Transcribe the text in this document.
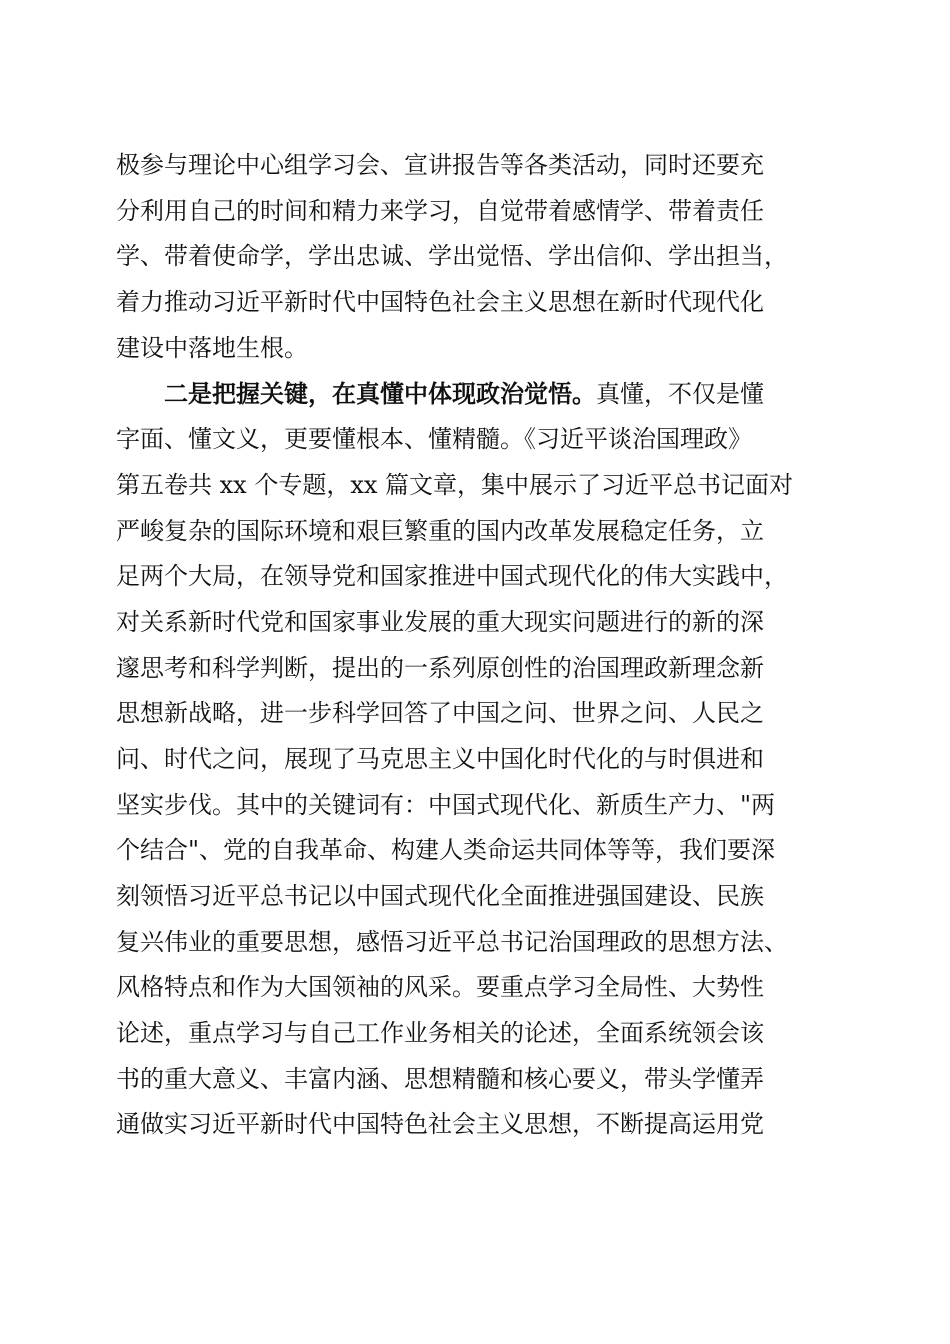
极参与理论中心组学习会、宣讲报告等各类活动，同时还要充
分利用自己的时间和精力来学习，自觉带着感情学、带着责任
学、带着使命学，学出忠诚、学出觉悟、学出信仰、学出担当，
着力推动习近平新时代中国特色社会主义思想在新时代现代化
建设中落地生根。
二是把握关键，在真懂中体现政治觉悟。真懂，不仅是懂
字面、懂文义，更要懂根本、懂精髓。《习近平谈治国理政》
第五卷共 xx 个专题，xx 篇文章，集中展示了习近平总书记面对
严峻复杂的国际环境和艰巨繁重的国内改革发展稳定任务，立
足两个大局，在领导党和国家推进中国式现代化的伟大实践中，
对关系新时代党和国家事业发展的重大现实问题进行的新的深
邃思考和科学判断，提出的一系列原创性的治国理政新理念新
思想新战略，进一步科学回答了中国之问、世界之问、人民之
问、时代之问，展现了马克思主义中国化时代化的与时俱进和
坚实步伐。其中的关键词有：中国式现代化、新质生产力、"两
个结合"、党的自我革命、构建人类命运共同体等等，我们要深
刻领悟习近平总书记以中国式现代化全面推进强国建设、民族
复兴伟业的重要思想，感悟习近平总书记治国理政的思想方法、
风格特点和作为大国领袖的风采。要重点学习全局性、大势性
论述，重点学习与自己工作业务相关的论述，全面系统领会该
书的重大意义、丰富内涵、思想精髓和核心要义，带头学懂弄
通做实习近平新时代中国特色社会主义思想，不断提高运用党
